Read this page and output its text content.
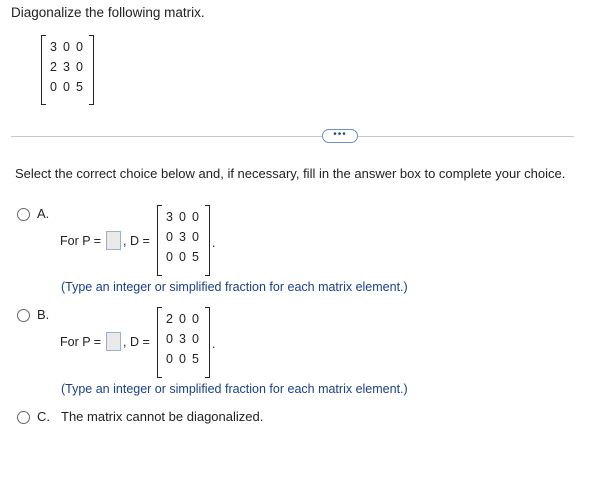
Diagonalize the following matrix.
3 0 0
2 3 0
0 0 5
•••
Select the correct choice below and, if necessary, fill in the answer box to complete your choice.
A.
For P = , D =
3 0 0
0 3 0
0 0 5
.
(Type an integer or simplified fraction for each matrix element.)
B.
For P = , D =
2 0 0
0 3 0
0 0 5
.
(Type an integer or simplified fraction for each matrix element.)
C. The matrix cannot be diagonalized.
